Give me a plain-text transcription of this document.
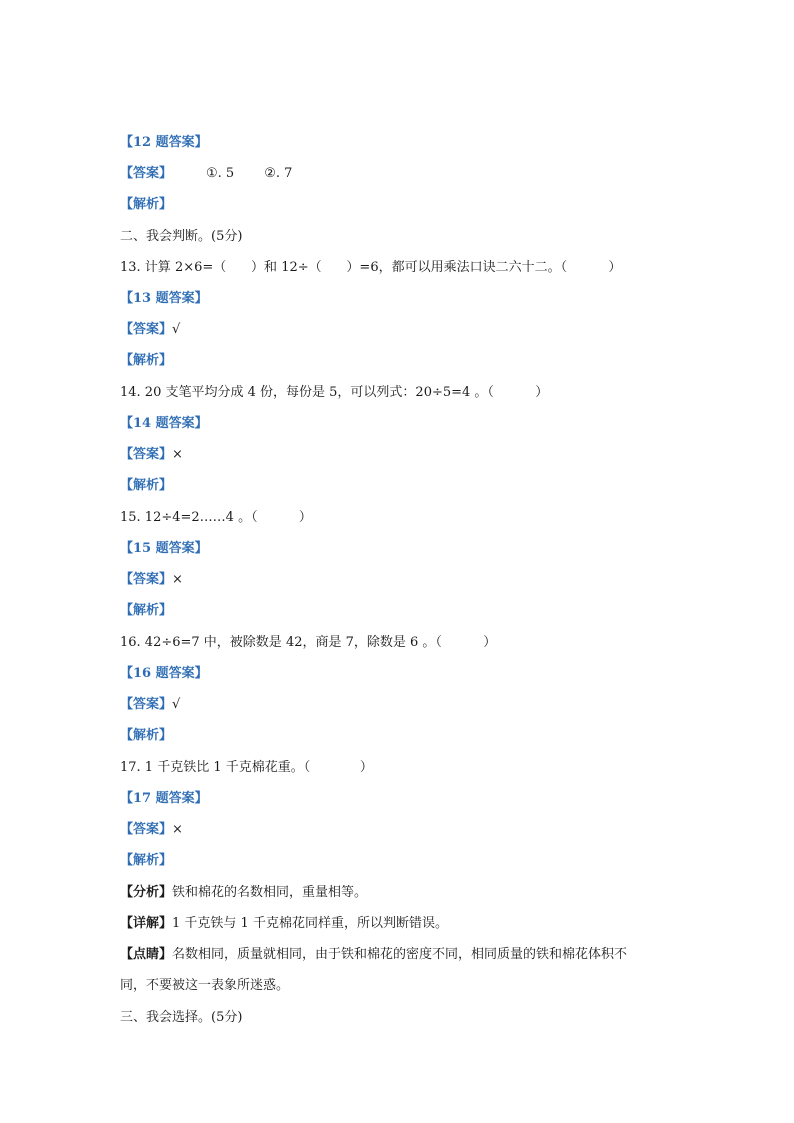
【12 题答案】
【答案】	①. 5 ②. 7
【解析】
二、我会判断。(5分)
13. 计算 2×6=（      ）和 12÷（      ）=6，都可以用乘法口诀二六十二。（          ）
【13 题答案】
【答案】√
【解析】
14. 20 支笔平均分成 4 份，每份是 5，可以列式：20÷5=4 。（          ）
【14 题答案】
【答案】×
【解析】
15. 12÷4=2……4 。（          ）
【15 题答案】
【答案】×
【解析】
16. 42÷6=7 中，被除数是 42，商是 7，除数是 6 。（          ）
【16 题答案】
【答案】√
【解析】
17. 1 千克铁比 1 千克棉花重。（            ）
【17 题答案】
【答案】×
【解析】
【分析】铁和棉花的名数相同，重量相等。
【详解】1 千克铁与 1 千克棉花同样重，所以判断错误。
【点睛】名数相同，质量就相同，由于铁和棉花的密度不同，相同质量的铁和棉花体积不
同，不要被这一表象所迷惑。
三、我会选择。(5分)
